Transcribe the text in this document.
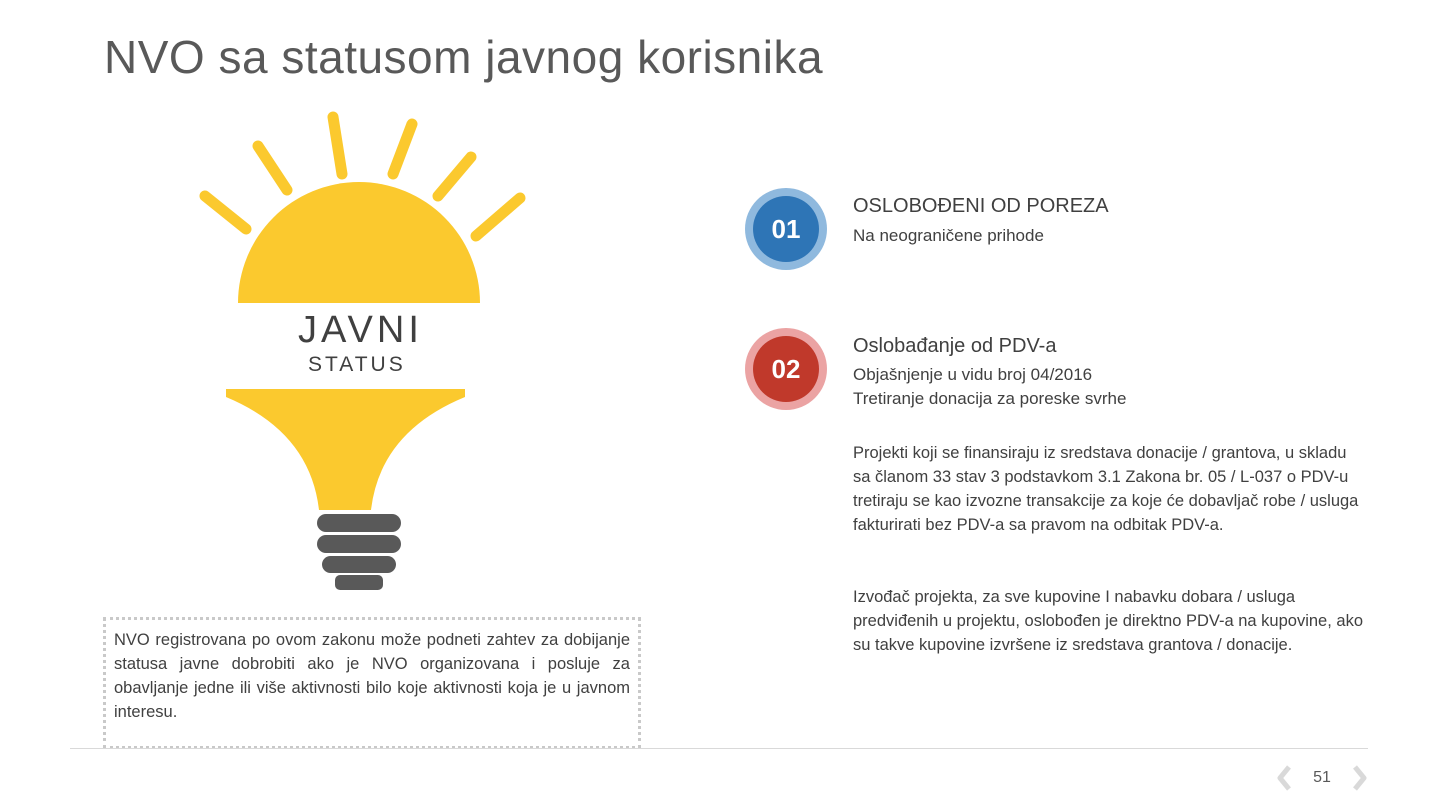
NVO sa statusom javnog korisnika
JAVNI
STATUS
01
OSLOBOĐENI OD POREZA
Na neograničene prihode
02
Oslobađanje od PDV-a
Objašnjenje u vidu broj 04/2016
Tretiranje donacija za poreske svrhe
Projekti koji se finansiraju iz sredstava donacije / grantova, u skladu sa članom 33 stav 3 podstavkom 3.1 Zakona br. 05 / L-037 o PDV-u tretiraju se kao izvozne transakcije za koje će dobavljač robe / usluga fakturirati bez PDV-a sa pravom na odbitak PDV-a.
Izvođač projekta, za sve kupovine I nabavku dobara / usluga predviđenih u projektu, oslobođen je direktno PDV-a na kupovine, ako su takve kupovine izvršene iz sredstava grantova / donacije.

NVO registrovana po ovom zakonu može podneti zahtev za dobijanje statusa javne dobrobiti ako je NVO organizovana i posluje za obavljanje jedne ili više aktivnosti bilo koje aktivnosti koja je u javnom interesu.

51
